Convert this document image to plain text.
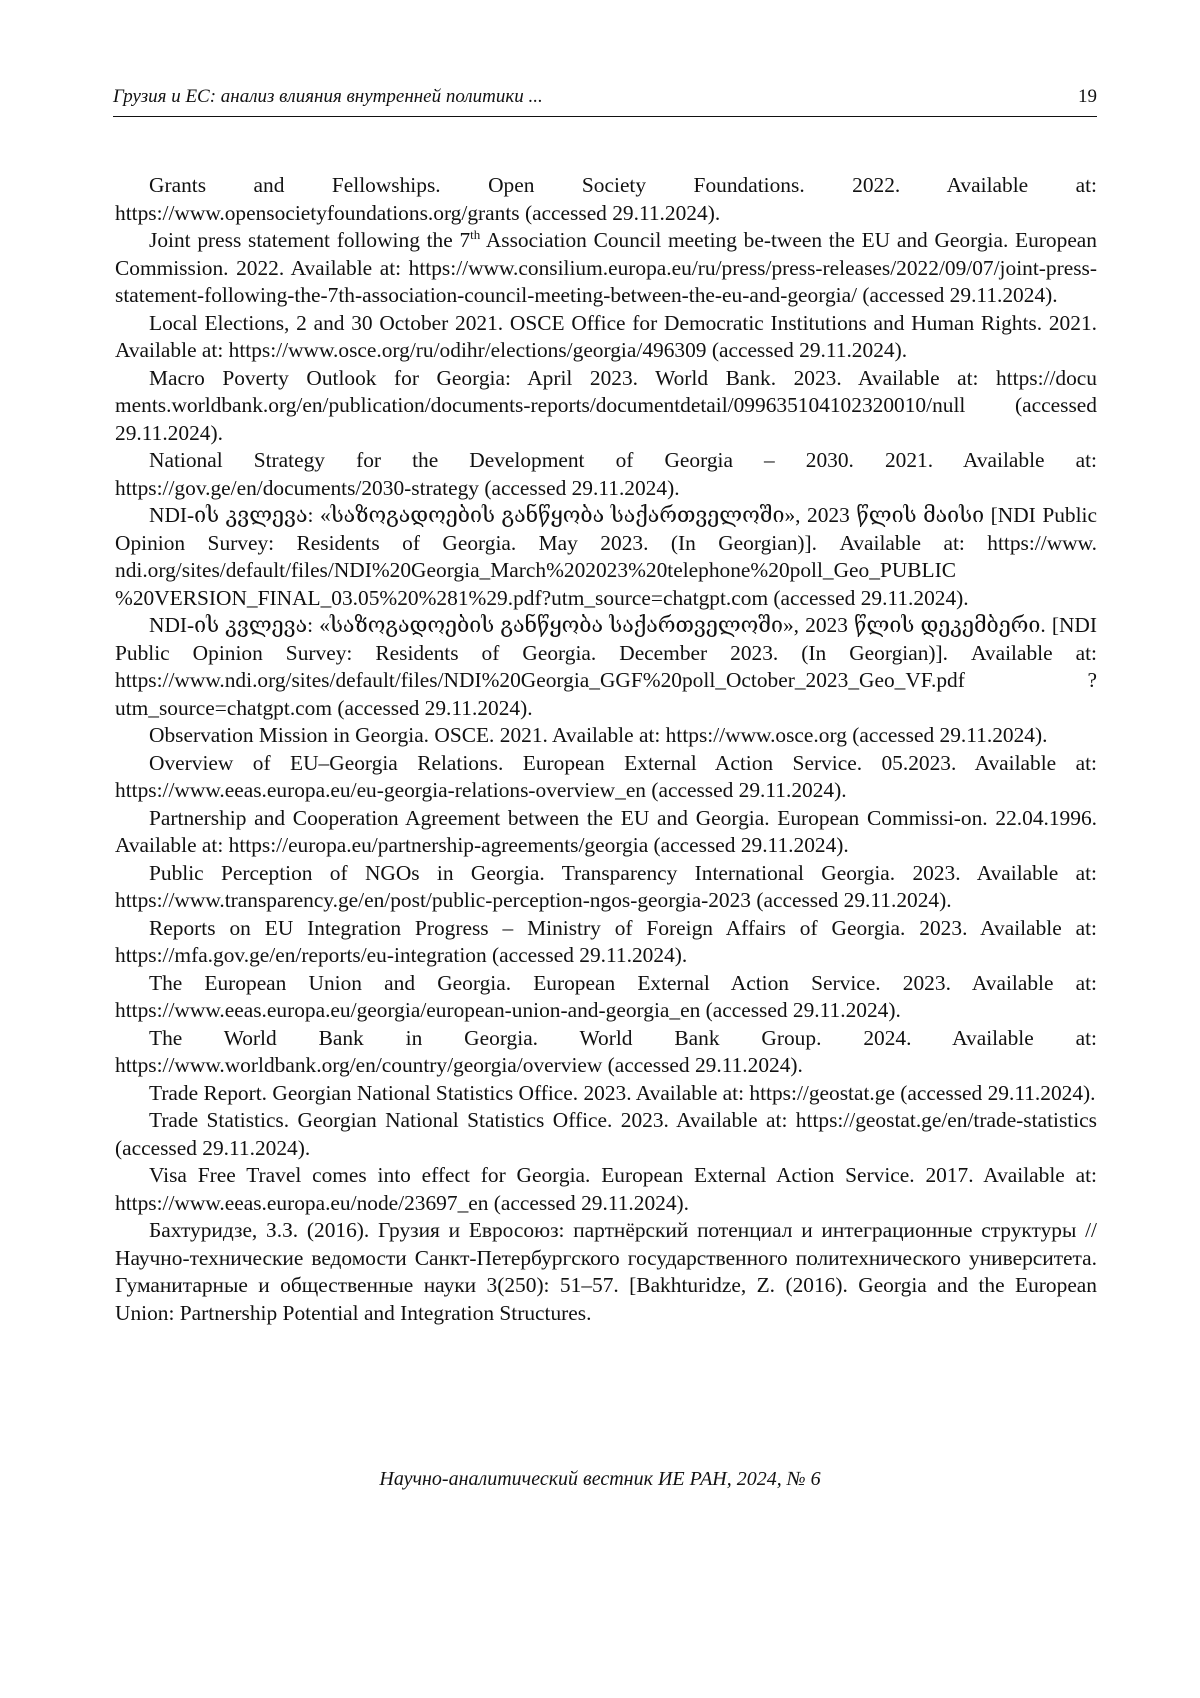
Грузия и ЕС: анализ влияния внутренней политики ...	19

Grants and Fellowships. Open Society Foundations. 2022. Available at: https://www.opensocietyfoundations.org/grants (accessed 29.11.2024).

Joint press statement following the 7th Association Council meeting be-tween the EU and Georgia. European Commission. 2022. Available at: https://www.consilium.europa.eu/ru/press/press-releases/2022/09/07/joint-press-statement-following-the-7th-association-council-meeting-between-the-eu-and-georgia/ (accessed 29.11.2024).

Local Elections, 2 and 30 October 2021. OSCE Office for Democratic Institutions and Human Rights. 2021. Available at: https://www.osce.org/ru/odihr/elections/georgia/496309 (accessed 29.11.2024).

Macro Poverty Outlook for Georgia: April 2023. World Bank. 2023. Available at: https://docu ments.worldbank.org/en/publication/documents-reports/documentdetail/099635104102320010/null (accessed 29.11.2024).

National Strategy for the Development of Georgia – 2030. 2021. Available at: https://gov.ge/en/documents/2030-strategy (accessed 29.11.2024).

NDI-ის კვლევა: «საზოგადოების განწყობა საქართველოში», 2023 წლის მაისი [NDI Public Opinion Survey: Residents of Georgia. May 2023. (In Georgian)]. Available at: https://www. ndi.org/sites/default/files/NDI%20Georgia_March%202023%20telephone%20poll_Geo_PUBLIC %20VERSION_FINAL_03.05%20%281%29.pdf?utm_source=chatgpt.com (accessed 29.11.2024).

NDI-ის კვლევა: «საზოგადოების განწყობა საქართველოში», 2023 წლის დეკემბერი. [NDI Public Opinion Survey: Residents of Georgia. December 2023. (In Georgian)]. Available at: https://www.ndi.org/sites/default/files/NDI%20Georgia_GGF%20poll_October_2023_Geo_VF.pdf ?utm_source=chatgpt.com (accessed 29.11.2024).

Observation Mission in Georgia. OSCE. 2021. Available at: https://www.osce.org (accessed 29.11.2024).

Overview of EU–Georgia Relations. European External Action Service. 05.2023. Available at: https://www.eeas.europa.eu/eu-georgia-relations-overview_en (accessed 29.11.2024).

Partnership and Cooperation Agreement between the EU and Georgia. European Commissi-on. 22.04.1996. Available at: https://europa.eu/partnership-agreements/georgia (accessed 29.11.2024).

Public Perception of NGOs in Georgia. Transparency International Georgia. 2023. Available at: https://www.transparency.ge/en/post/public-perception-ngos-georgia-2023 (accessed 29.11.2024).

Reports on EU Integration Progress – Ministry of Foreign Affairs of Georgia. 2023. Available at: https://mfa.gov.ge/en/reports/eu-integration (accessed 29.11.2024).

The European Union and Georgia. European External Action Service. 2023. Available at: https://www.eeas.europa.eu/georgia/european-union-and-georgia_en (accessed 29.11.2024).

The World Bank in Georgia. World Bank Group. 2024. Available at: https://www.worldbank.org/en/country/georgia/overview (accessed 29.11.2024).

Trade Report. Georgian National Statistics Office. 2023. Available at: https://geostat.ge (accessed 29.11.2024).

Trade Statistics. Georgian National Statistics Office. 2023. Available at: https://geostat.ge/en/trade-statistics (accessed 29.11.2024).

Visa Free Travel comes into effect for Georgia. European External Action Service. 2017. Available at: https://www.eeas.europa.eu/node/23697_en (accessed 29.11.2024).

Бахтуридзе, З.З. (2016). Грузия и Евросоюз: партнёрский потенциал и интеграционные структуры // Научно-технические ведомости Санкт-Петербургского государственного политехнического университета. Гуманитарные и общественные науки 3(250): 51–57. [Bakhturidze, Z. (2016). Georgia and the European Union: Partnership Potential and Integration Structures.

Научно-аналитический вестник ИЕ РАН, 2024, № 6
